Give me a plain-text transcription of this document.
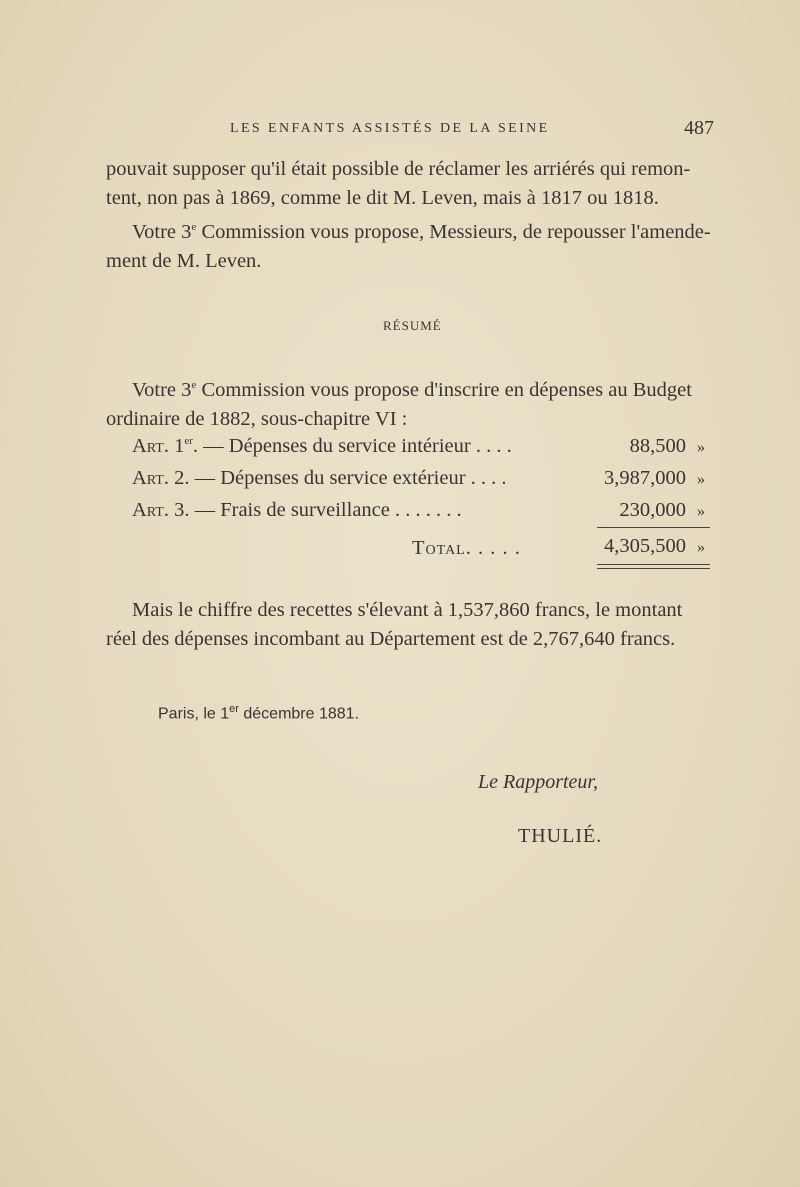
LES ENFANTS ASSISTÉS DE LA SEINE	487
pouvait supposer qu'il était possible de réclamer les arriérés qui remon-
tent, non pas à 1869, comme le dit M. Leven, mais à 1817 ou 1818.
Votre 3e Commission vous propose, Messieurs, de repousser l'amende-
ment de M. Leven.
RÉSUMÉ
Votre 3e Commission vous propose d'inscrire en dépenses au Budget
ordinaire de 1882, sous-chapitre VI :
Art. 1er. — Dépenses du service intérieur . . . .	88,500 »
Art. 2. — Dépenses du service extérieur . . . .	3,987,000 »
Art. 3. — Frais de surveillance . . . . . . .	230,000 »
Total. . . . .	4,305,500 »
Mais le chiffre des recettes s'élevant à 1,537,860 francs, le montant
réel des dépenses incombant au Département est de 2,767,640 francs.
Paris, le 1er décembre 1881.
Le Rapporteur,
THULIÉ.
